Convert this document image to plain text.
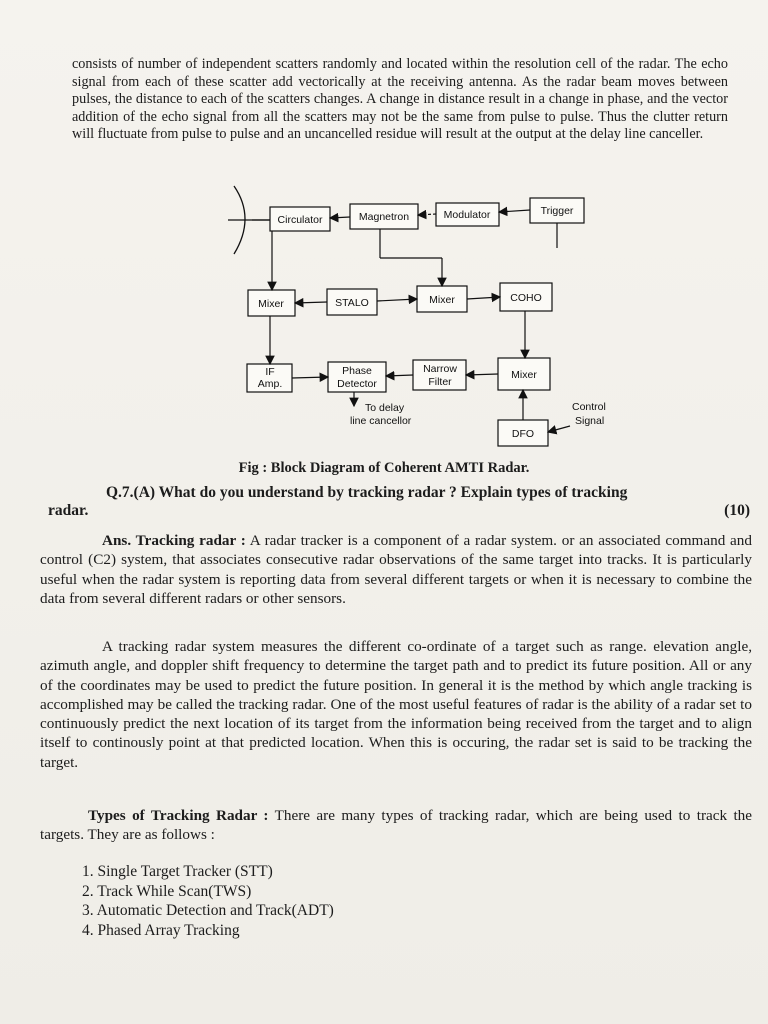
consists of number of independent scatters randomly and located within the resolution cell of the radar. The echo signal from each of these scatter add vectorically at the receiving antenna. As the radar beam moves between pulses, the distance to each of the scatters changes. A change in distance result in a change in phase, and the vector addition of the echo signal from all the scatters may not be the same from pulse to pulse. Thus the clutter return will fluctuate from pulse to pulse and an uncancelled residue will result at the output at the delay line canceller.

Circulator	Magnetron	Modulator	Trigger
Mixer	STALO	Mixer	COHO
IF
Amp.
Phase
Detector
Narrow
Filter
Mixer
DFO
To delay
line cancellor
Control
Signal
Fig : Block Diagram of Coherent AMTI Radar.
Q.7.(A) What do you understand by tracking radar ? Explain types of tracking
radar.	(10)

Ans. Tracking radar : A radar tracker is a component of a radar system. or an associated command and control (C2) system, that associates consecutive radar observations of the same target into tracks. It is particularly useful when the radar system is reporting data from several different targets or when it is necessary to combine the data from several different radars or other sensors.

A tracking radar system measures the different co-ordinate of a target such as range. elevation angle, azimuth angle, and doppler shift frequency to determine the target path and to predict its future position. All or any of the coordinates may be used to predict the future position. In general it is the method by which angle tracking is accomplished may be called the tracking radar. One of the most useful features of radar is the ability of a radar set to continuously predict the next location of its target from the information being received from the target and to align itself to continously point at that predicted location. When this is occuring, the radar set is said to be tracking the target.

Types of Tracking Radar : There are many types of tracking radar, which are being used to track the targets. They are as follows :

1. Single Target Tracker (STT)
2. Track While Scan(TWS)
3. Automatic Detection and Track(ADT)
4. Phased Array Tracking
